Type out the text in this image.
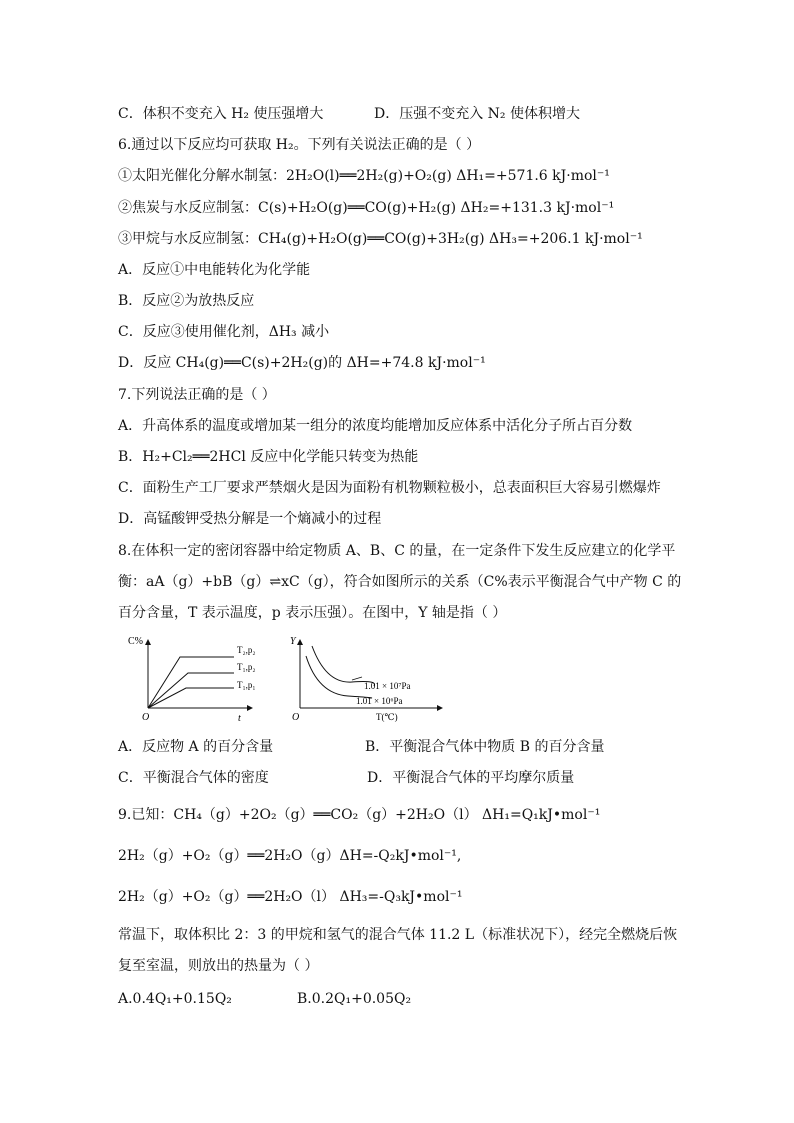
C．体积不变充入 H₂ 使压强增大	D．压强不变充入 N₂ 使体积增大
6.通过以下反应均可获取 H₂。下列有关说法正确的是（ ）
①太阳光催化分解水制氢：2H₂O(l)══2H₂(g)+O₂(g) ΔH₁=+571.6 kJ·mol⁻¹
②焦炭与水反应制氢：C(s)+H₂O(g)══CO(g)+H₂(g) ΔH₂=+131.3 kJ·mol⁻¹
③甲烷与水反应制氢：CH₄(g)+H₂O(g)══CO(g)+3H₂(g) ΔH₃=+206.1 kJ·mol⁻¹
A．反应①中电能转化为化学能
B．反应②为放热反应
C．反应③使用催化剂，ΔH₃ 减小
D．反应 CH₄(g)══C(s)+2H₂(g)的 ΔH=+74.8 kJ·mol⁻¹
7.下列说法正确的是（ ）
A．升高体系的温度或增加某一组分的浓度均能增加反应体系中活化分子所占百分数
B．H₂+Cl₂══2HCl 反应中化学能只转变为热能
C．面粉生产工厂要求严禁烟火是因为面粉有机物颗粒极小，总表面积巨大容易引燃爆炸
D．高锰酸钾受热分解是一个熵减小的过程
8.在体积一定的密闭容器中给定物质 A、B、C 的量，在一定条件下发生反应建立的化学平
衡：aA（g）+bB（g）⇌xC（g），符合如图所示的关系（C%表示平衡混合气中产物 C 的
百分含量，T 表示温度，p 表示压强）。在图中，Y 轴是指（ ）
C%
t
O
T₂,p₂
T₁,p₂
T₁,p₁
Y
T(℃)
O
1.01 × 10⁷Pa
1.01 × 10⁶Pa
A．反应物 A 的百分含量	B．平衡混合气体中物质 B 的百分含量
C．平衡混合气体的密度	D．平衡混合气体的平均摩尔质量
9.已知：CH₄（g）+2O₂（g）══CO₂（g）+2H₂O（l） ΔH₁=Q₁kJ•mol⁻¹
2H₂（g）+O₂（g）══2H₂O（g）ΔH=-Q₂kJ•mol⁻¹,
2H₂（g）+O₂（g）══2H₂O（l） ΔH₃=-Q₃kJ•mol⁻¹
常温下，取体积比 2：3 的甲烷和氢气的混合气体 11.2 L（标准状况下），经完全燃烧后恢
复至室温，则放出的热量为（ ）
A.0.4Q₁+0.15Q₂	B.0.2Q₁+0.05Q₂
